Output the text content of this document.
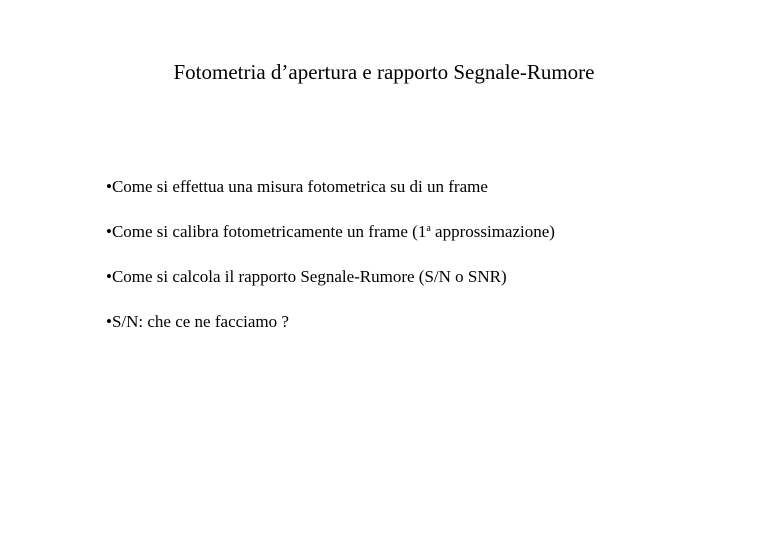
Fotometria d’apertura e rapporto Segnale-Rumore
•Come si effettua una misura fotometrica su di un frame
•Come si calibra fotometricamente un frame (1$^a$ approssimazione)
•Come si calcola il rapporto Segnale-Rumore (S/N o SNR)
•S/N: che ce ne facciamo ?
